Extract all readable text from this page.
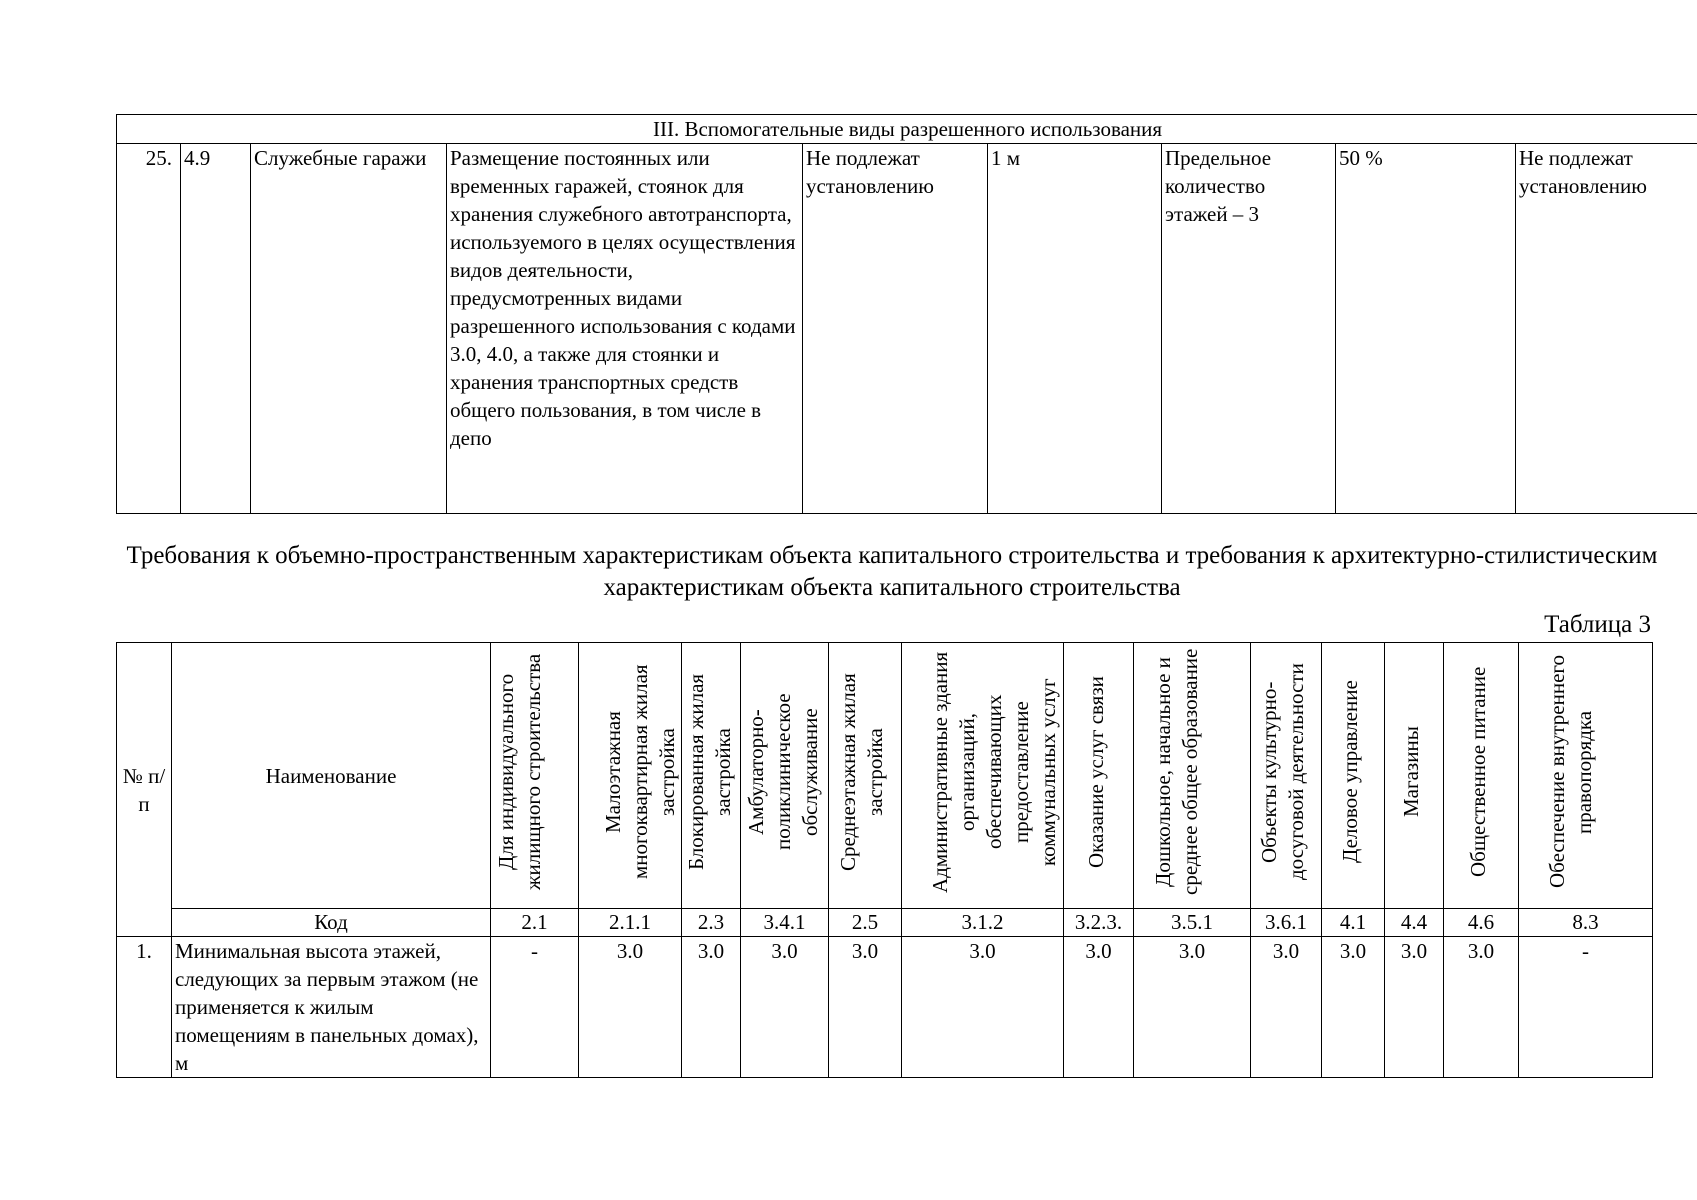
III. Вспомогательные виды разрешенного использования
25.	4.9	Служебные гаражи	Размещение постоянных или временных гаражей, стоянок для хранения служебного автотранспорта, используемого в целях осуществления видов деятельности, предусмотренных видами разрешенного использования с кодами 3.0, 4.0, а также для стоянки и хранения транспортных средств общего пользования, в том числе в депо	Не подлежат установлению	1 м	Предельное количество этажей – 3	50 %	Не подлежат установлению
Требования к объемно-пространственным характеристикам объекта капитального строительства и требования к архитектурно-стилистическим характеристикам объекта капитального строительства
Таблица 3
№ п/п	Наименование	Для индивидуального жилищного строительства	Малоэтажная многоквартирная жилая застройка	Блокированная жилая застройка	Амбулаторно-поликлиническое обслуживание	Среднеэтажная жилая застройка	Административные здания организаций, обеспечивающих предоставление коммунальных услуг	Оказание услуг связи	Дошкольное, начальное и среднее общее образование	Объекты культурно-досуговой деятельности	Деловое управление	Магазины	Общественное питание	Обеспечение внутреннего правопорядка
	Код	2.1	2.1.1	2.3	3.4.1	2.5	3.1.2	3.2.3.	3.5.1	3.6.1	4.1	4.4	4.6	8.3
1.	Минимальная высота этажей, следующих за первым этажом (не применяется к жилым помещениям в панельных домах), м	-	3.0	3.0	3.0	3.0	3.0	3.0	3.0	3.0	3.0	3.0	3.0	-
